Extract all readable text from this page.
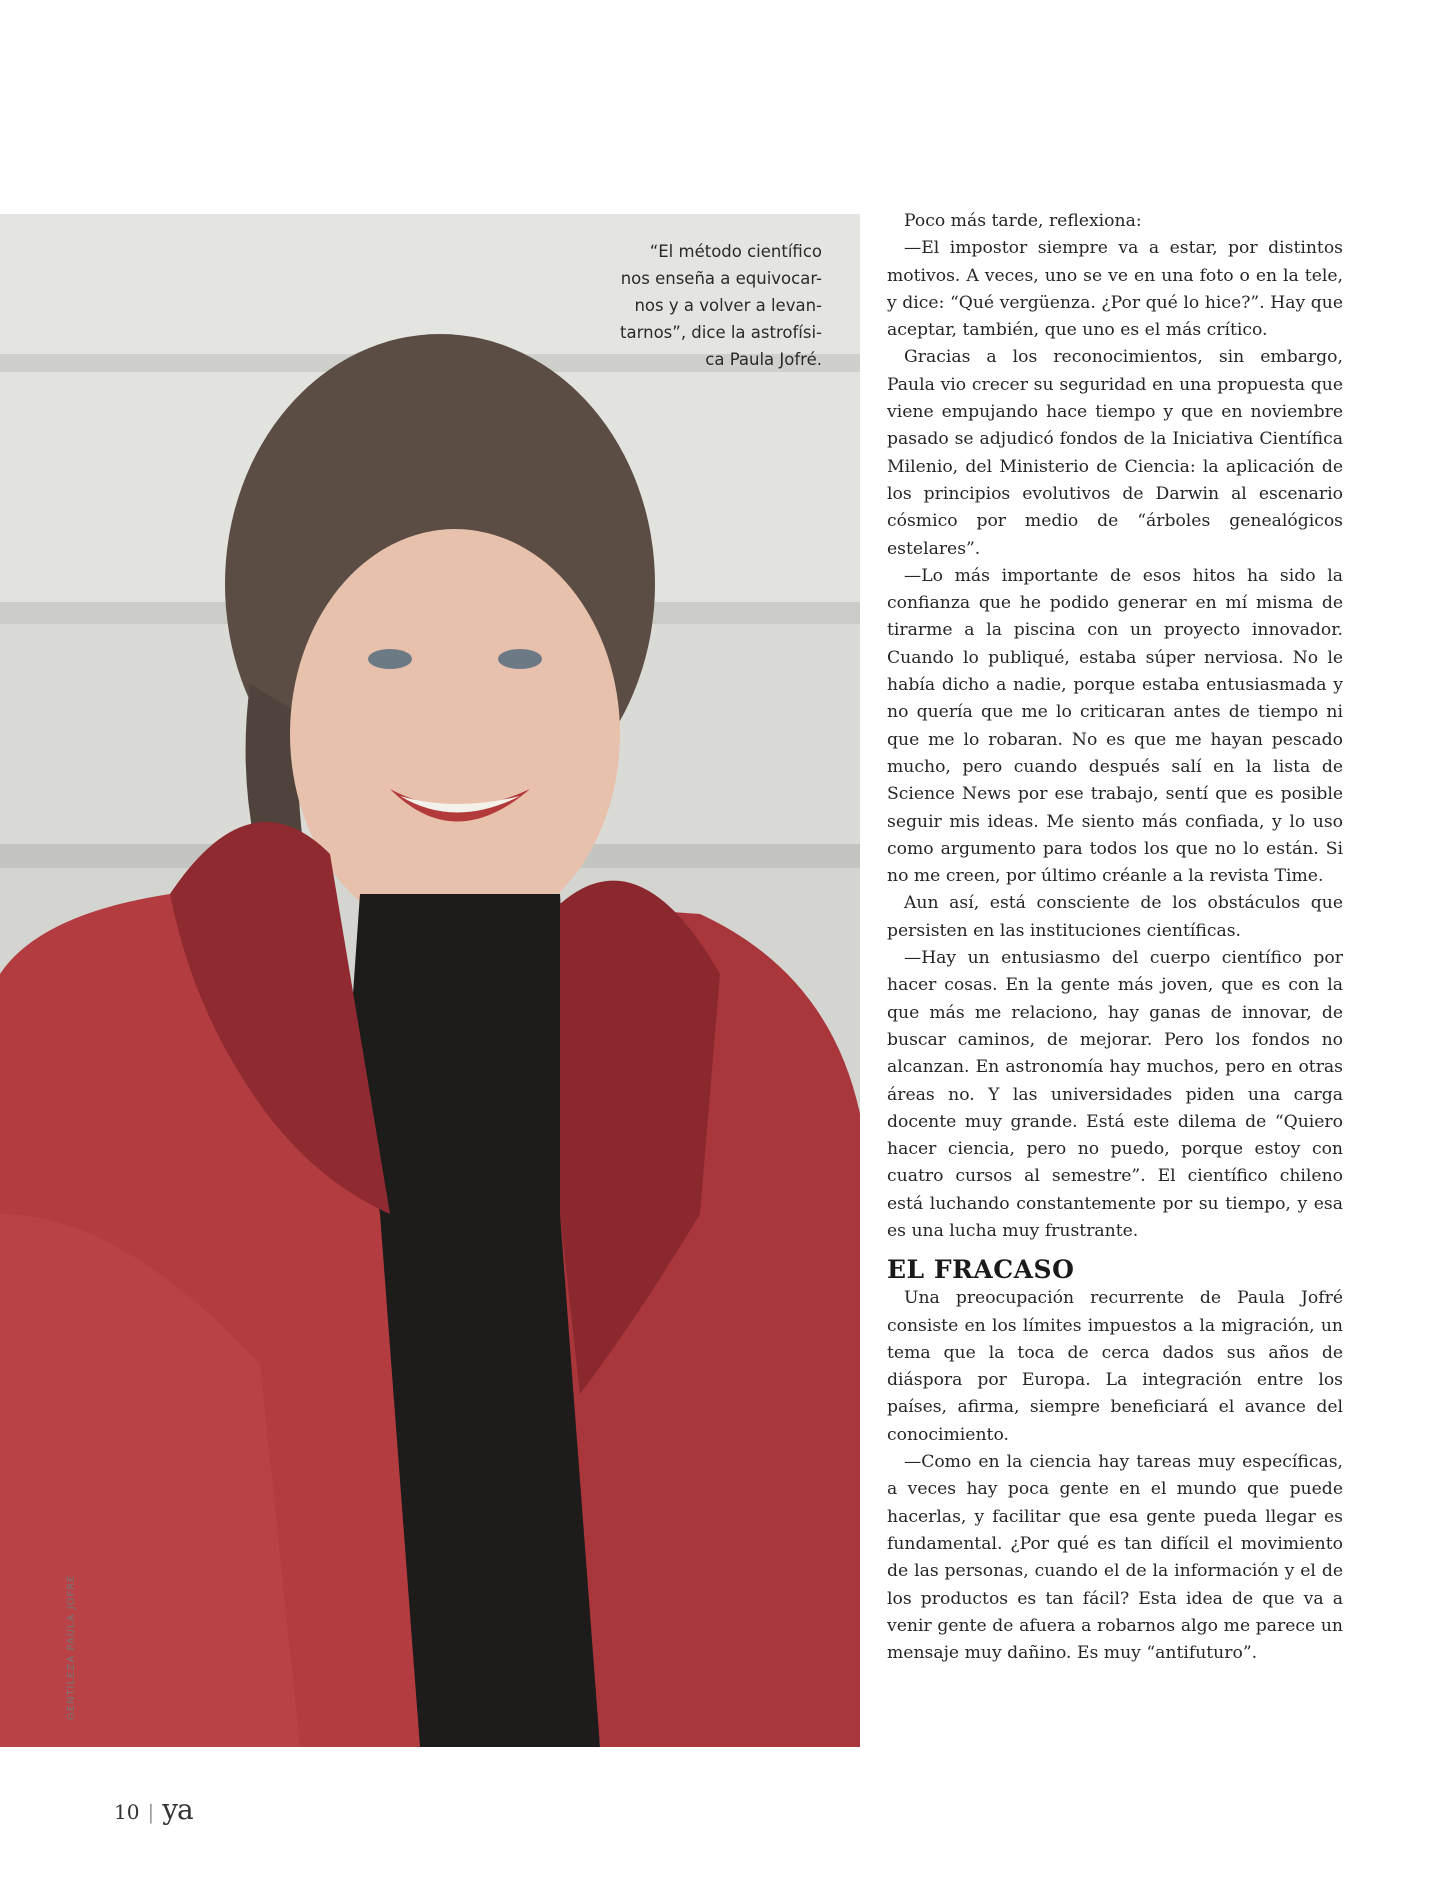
“El método científico
nos enseña a equivocar-
nos y a volver a levan-
tarnos”, dice la astrofísi-
ca Paula Jofré.
GENTILEZA PAULA JOFRÉ

Poco más tarde, reflexiona:

—El impostor siempre va a estar, por distintos motivos. A veces, uno se ve en una foto o en la tele, y dice: “Qué vergüenza. ¿Por qué lo hice?”. Hay que aceptar, también, que uno es el más crítico.

Gracias a los reconocimientos, sin embargo, Paula vio crecer su seguridad en una propuesta que viene empujando hace tiempo y que en noviembre pasado se adjudicó fondos de la Iniciativa Científica Milenio, del Ministerio de Ciencia: la aplicación de los principios evolutivos de Darwin al escenario cósmico por medio de “árboles genealógicos estelares”.

—Lo más importante de esos hitos ha sido la confianza que he podido generar en mí misma de tirarme a la piscina con un proyecto innovador. Cuando lo publiqué, estaba súper nerviosa. No le había dicho a nadie, porque estaba entusiasmada y no quería que me lo criticaran antes de tiempo ni que me lo robaran. No es que me hayan pescado mucho, pero cuando después salí en la lista de Science News por ese trabajo, sentí que es posible seguir mis ideas. Me siento más confiada, y lo uso como argumento para todos los que no lo están. Si no me creen, por último créanle a la revista Time.

Aun así, está consciente de los obstáculos que persisten en las instituciones científicas.

—Hay un entusiasmo del cuerpo científico por hacer cosas. En la gente más joven, que es con la que más me relaciono, hay ganas de innovar, de buscar caminos, de mejorar. Pero los fondos no alcanzan. En astronomía hay muchos, pero en otras áreas no. Y las universidades piden una carga docente muy grande. Está este dilema de “Quiero hacer ciencia, pero no puedo, porque estoy con cuatro cursos al semestre”. El científico chileno está luchando constantemente por su tiempo, y esa es una lucha muy frustrante.

EL FRACASO

Una preocupación recurrente de Paula Jofré consiste en los límites impuestos a la migración, un tema que la toca de cerca dados sus años de diáspora por Europa. La integración entre los países, afirma, siempre beneficiará el avance del conocimiento.

—Como en la ciencia hay tareas muy específicas, a veces hay poca gente en el mundo que puede hacerlas, y facilitar que esa gente pueda llegar es fundamental. ¿Por qué es tan difícil el movimiento de las personas, cuando el de la información y el de los productos es tan fácil? Esta idea de que va a venir gente de afuera a robarnos algo me parece un mensaje muy dañino. Es muy “antifuturo”.

10 | ya
